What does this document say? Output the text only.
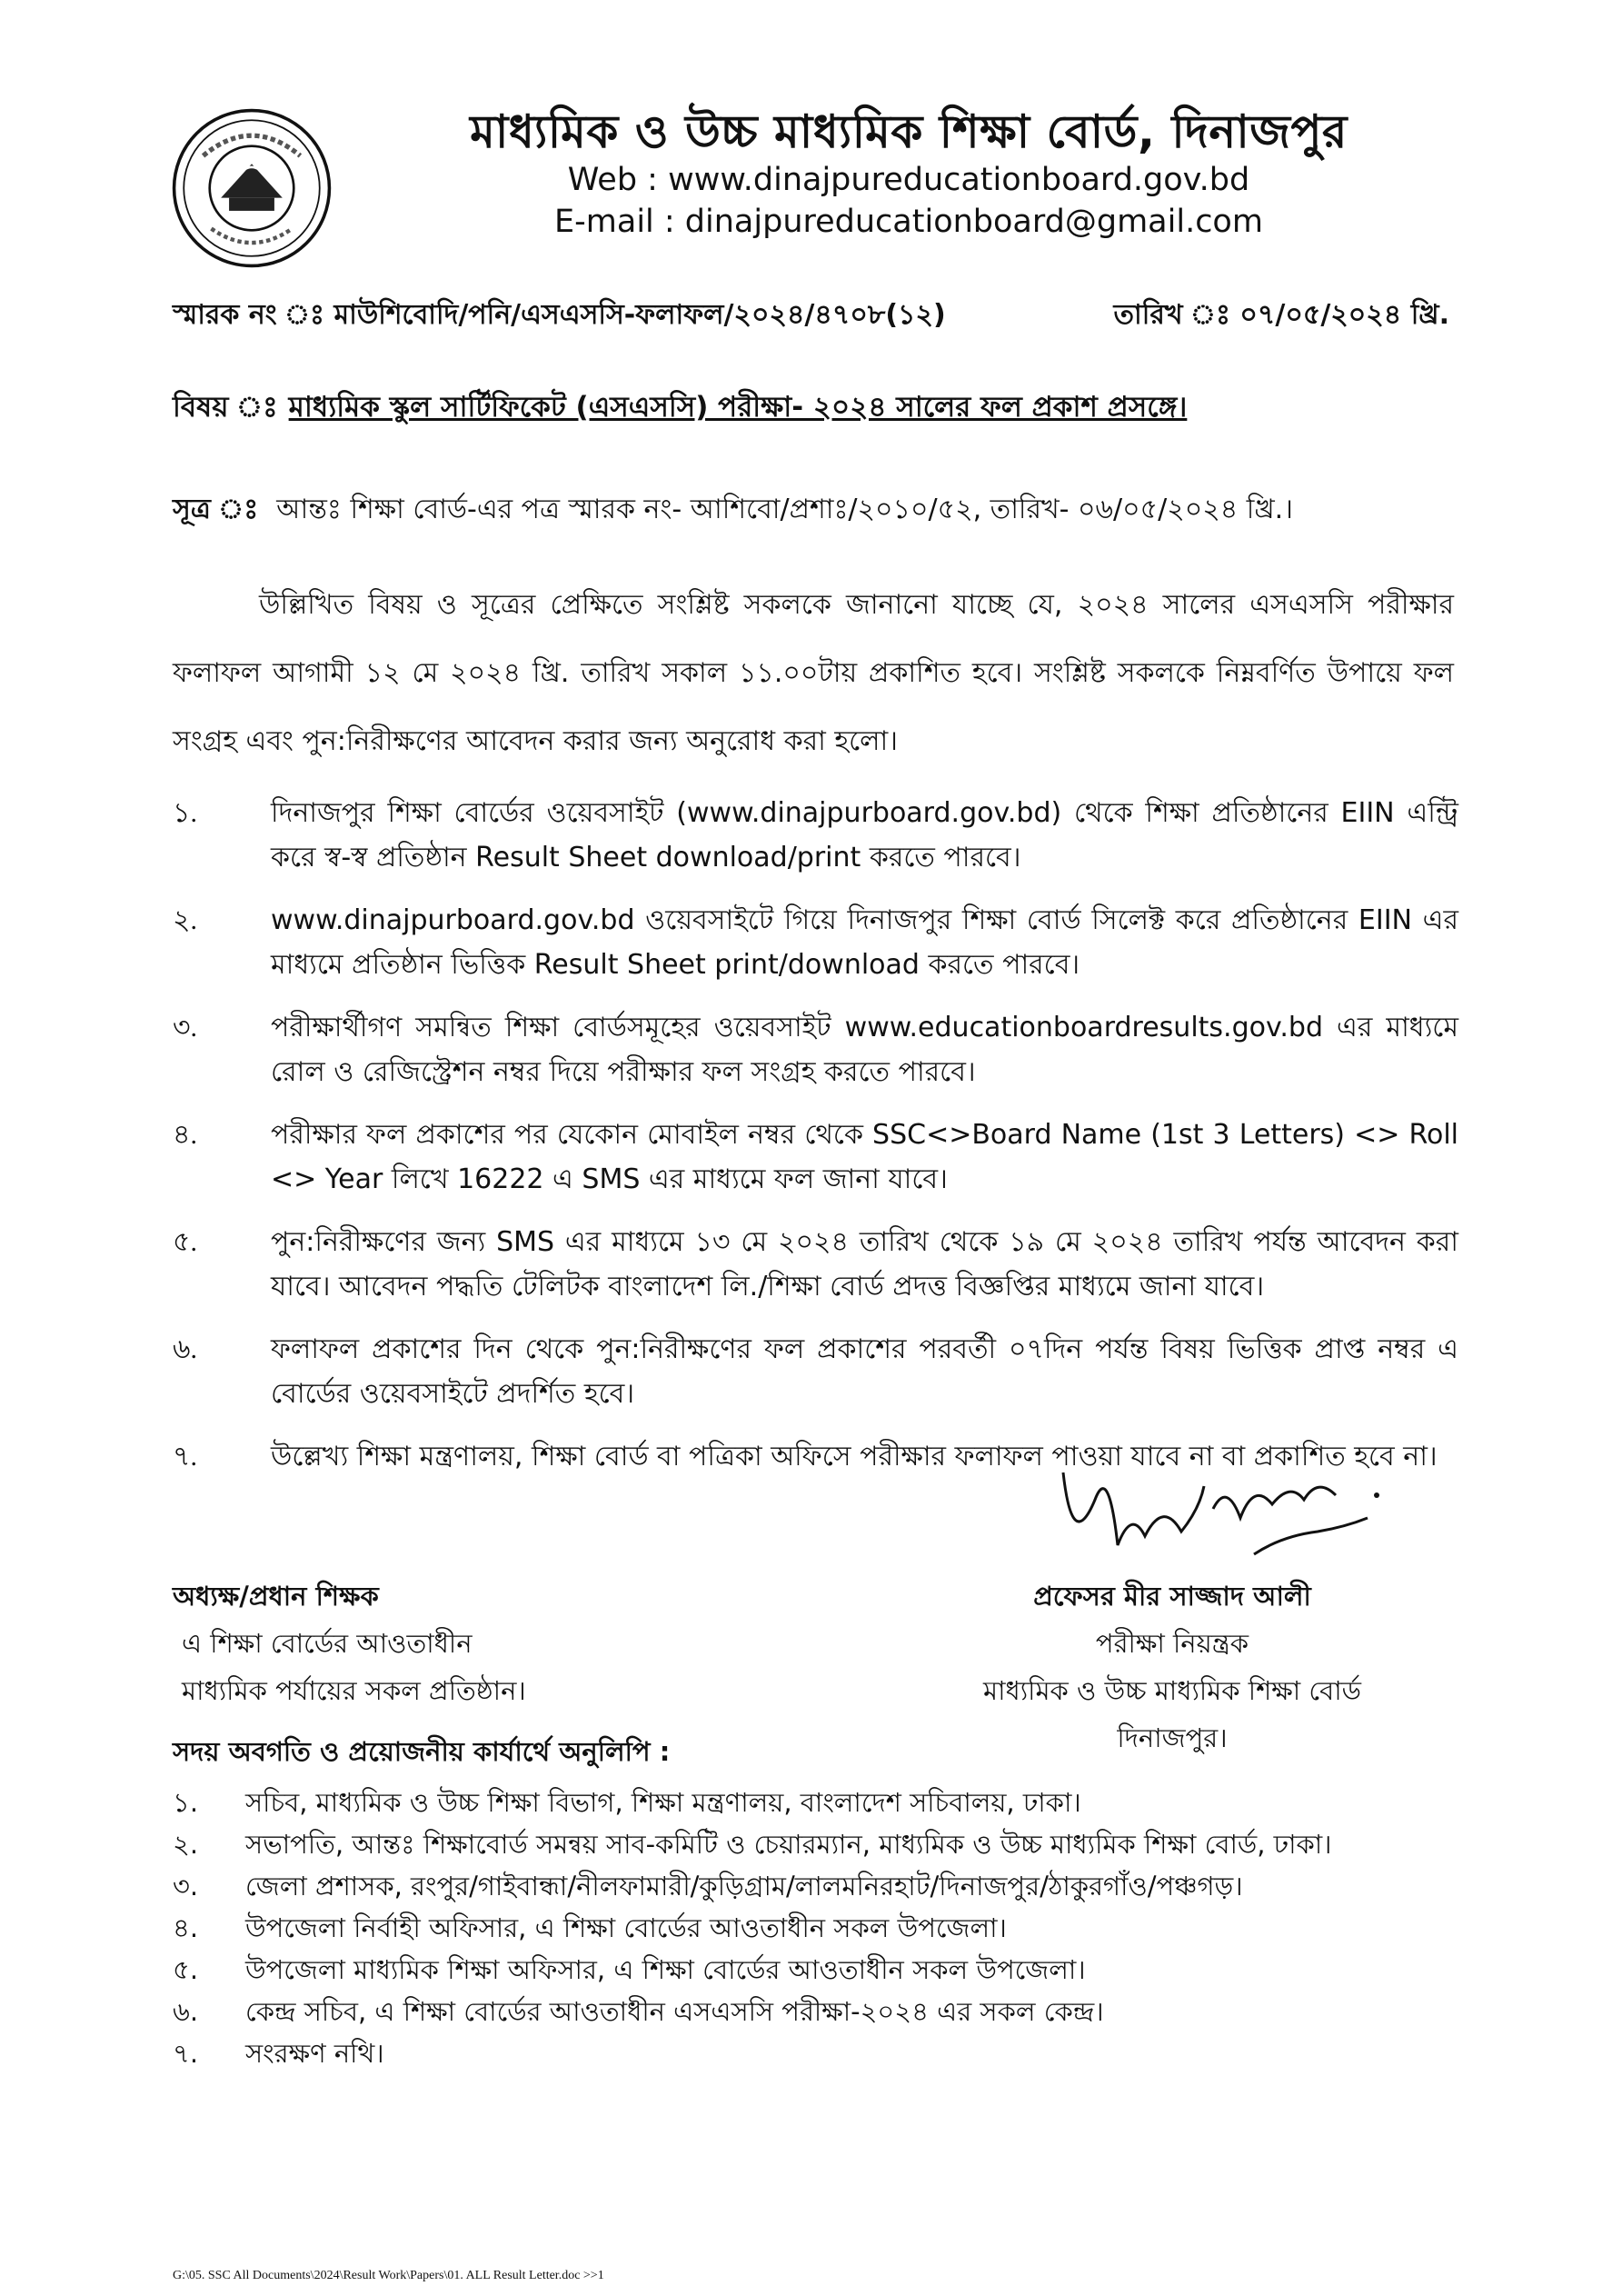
মাধ্যমিক ও উচ্চ মাধ্যমিক শিক্ষা বোর্ড, দিনাজপুর
Web : www.dinajpureducationboard.gov.bd
E-mail : dinajpureducationboard@gmail.com
স্মারক নং ঃ মাউশিবোদি/পনি/এসএসসি-ফলাফল/২০২৪/৪৭০৮(১২)	তারিখ ঃ ০৭/০৫/২০২৪ খ্রি.
বিষয় ঃ মাধ্যমিক স্কুল সার্টিফিকেট (এসএসসি) পরীক্ষা- ২০২৪ সালের ফল প্রকাশ প্রসঙ্গে।
সূত্র ঃ আন্তঃ শিক্ষা বোর্ড-এর পত্র স্মারক নং- আশিবো/প্রশাঃ/২০১০/৫২, তারিখ- ০৬/০৫/২০২৪ খ্রি.।
উল্লিখিত বিষয় ও সূত্রের প্রেক্ষিতে সংশ্লিষ্ট সকলকে জানানো যাচ্ছে যে, ২০২৪ সালের এসএসসি পরীক্ষার ফলাফল আগামী ১২ মে ২০২৪ খ্রি. তারিখ সকাল ১১.০০টায় প্রকাশিত হবে। সংশ্লিষ্ট সকলকে নিম্নবর্ণিত উপায়ে ফল সংগ্রহ এবং পুন:নিরীক্ষণের আবেদন করার জন্য অনুরোধ করা হলো।
১.	দিনাজপুর শিক্ষা বোর্ডের ওয়েবসাইট (www.dinajpurboard.gov.bd) থেকে শিক্ষা প্রতিষ্ঠানের EIIN এন্ট্রি করে স্ব-স্ব প্রতিষ্ঠান Result Sheet download/print করতে পারবে।
২.	www.dinajpurboard.gov.bd ওয়েবসাইটে গিয়ে দিনাজপুর শিক্ষা বোর্ড সিলেক্ট করে প্রতিষ্ঠানের EIIN এর মাধ্যমে প্রতিষ্ঠান ভিত্তিক Result Sheet print/download করতে পারবে।
৩.	পরীক্ষার্থীগণ সমন্বিত শিক্ষা বোর্ডসমূহের ওয়েবসাইট www.educationboardresults.gov.bd এর মাধ্যমে রোল ও রেজিস্ট্রেশন নম্বর দিয়ে পরীক্ষার ফল সংগ্রহ করতে পারবে।
৪.	পরীক্ষার ফল প্রকাশের পর যেকোন মোবাইল নম্বর থেকে SSC<>Board Name (1st 3 Letters) <> Roll <> Year লিখে 16222 এ SMS এর মাধ্যমে ফল জানা যাবে।
৫.	পুন:নিরীক্ষণের জন্য SMS এর মাধ্যমে ১৩ মে ২০২৪ তারিখ থেকে ১৯ মে ২০২৪ তারিখ পর্যন্ত আবেদন করা যাবে। আবেদন পদ্ধতি টেলিটক বাংলাদেশ লি./শিক্ষা বোর্ড প্রদত্ত বিজ্ঞপ্তির মাধ্যমে জানা যাবে।
৬.	ফলাফল প্রকাশের দিন থেকে পুন:নিরীক্ষণের ফল প্রকাশের পরবর্তী ০৭দিন পর্যন্ত বিষয় ভিত্তিক প্রাপ্ত নম্বর এ বোর্ডের ওয়েবসাইটে প্রদর্শিত হবে।
৭.	উল্লেখ্য শিক্ষা মন্ত্রণালয়, শিক্ষা বোর্ড বা পত্রিকা অফিসে পরীক্ষার ফলাফল পাওয়া যাবে না বা প্রকাশিত হবে না।
অধ্যক্ষ/প্রধান শিক্ষক
এ শিক্ষা বোর্ডের আওতাধীন
মাধ্যমিক পর্যায়ের সকল প্রতিষ্ঠান।
প্রফেসর মীর সাজ্জাদ আলী
পরীক্ষা নিয়ন্ত্রক
মাধ্যমিক ও উচ্চ মাধ্যমিক শিক্ষা বোর্ড
দিনাজপুর।
সদয় অবগতি ও প্রয়োজনীয় কার্যার্থে অনুলিপি :
১.	সচিব, মাধ্যমিক ও উচ্চ শিক্ষা বিভাগ, শিক্ষা মন্ত্রণালয়, বাংলাদেশ সচিবালয়, ঢাকা।
২.	সভাপতি, আন্তঃ শিক্ষাবোর্ড সমন্বয় সাব-কমিটি ও চেয়ারম্যান, মাধ্যমিক ও উচ্চ মাধ্যমিক শিক্ষা বোর্ড, ঢাকা।
৩.	জেলা প্রশাসক, রংপুর/গাইবান্ধা/নীলফামারী/কুড়িগ্রাম/লালমনিরহাট/দিনাজপুর/ঠাকুরগাঁও/পঞ্চগড়।
৪.	উপজেলা নির্বাহী অফিসার, এ শিক্ষা বোর্ডের আওতাধীন সকল উপজেলা।
৫.	উপজেলা মাধ্যমিক শিক্ষা অফিসার, এ শিক্ষা বোর্ডের আওতাধীন সকল উপজেলা।
৬.	কেন্দ্র সচিব, এ শিক্ষা বোর্ডের আওতাধীন এসএসসি পরীক্ষা-২০২৪ এর সকল কেন্দ্র।
৭.	সংরক্ষণ নথি।
G:\05. SSC All Documents\2024\Result Work\Papers\01. ALL Result Letter.doc >>1
